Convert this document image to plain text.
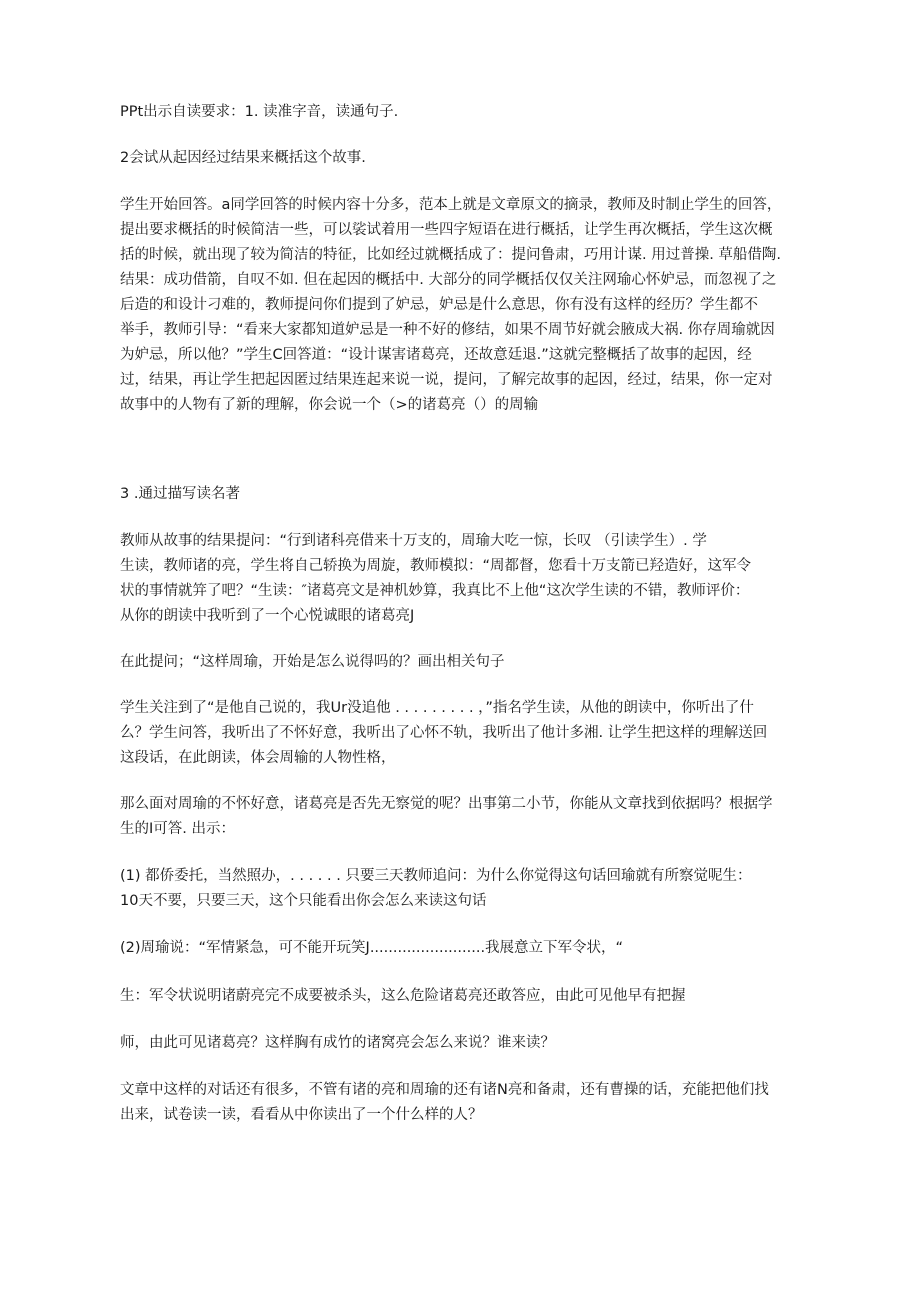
PPt出示自读要求：1. 读准字音，读通句子.
2会试从起因经过结果来概括这个故事.
学生开始回答。a同学回答的时候内容十分多，范本上就是文章原文的摘录，教师及时制止学生的回答，
提出要求概括的时候简洁一些，可以裟试着用一些四字短语在进行概括，让学生再次概括，学生这次概
括的时候，就出现了较为简洁的特征，比如经过就概括成了：提问鲁肃，巧用计谋. 用过普操. 草船借陶.
结果：成功借箭，自叹不如. 但在起因的概括中. 大部分的同学概括仅仅关注网瑜心怀妒忌，而忽视了之
后造的和设计刁难的，教师提问你们提到了妒忌，妒忌是什么意思，你有没有这样的经历？学生都不
举手，教师引导：“看来大家都知道妒忌是一种不好的修结，如果不周节好就会腋成大祸. 你存周瑜就因
为妒忌，所以他？”学生C回答道：“设计谋害诸葛亮，还故意廷退.”这就完整概括了故事的起因，经
过，结果，再让学生把起因匿过结果连起来说一说，提问，了解完故事的起因，经过，结果，你一定对
故事中的人物有了新的理解，你会说一个（>的诸葛亮（）的周输
3 .通过描写读名著
教师从故事的结果提问：“行到诸科亮借来十万支的，周瑜大吃一惊，长叹 （引读学生）. 学
生读，教师诸的亮，学生将自己轿换为周旋，教师模拟：“周都督，您看十万支箭已羟造好，这军令
状的事情就笄了吧？“生读：″诸葛亮文是神机妙算，我真比不上他“这次学生读的不错，教师评价：
从你的朗读中我听到了一个心悦诚眼的诸葛亮J
在此提问；“这样周瑜，开始是怎么说得吗的？画出相关句子
学生关注到了“是他自己说的，我Ur没追他 . . . . . . . . . ，”指名学生读，从他的朗读中，你听出了什
么？学生问答，我听出了不怀好意，我听出了心怀不轨，我听出了他计多湘. 让学生把这样的理解送回
这段话，在此朗读，体会周输的人物性格，
那么面对周瑜的不怀好意，诸葛亮是否先无察觉的呢？出事第二小节，你能从文章找到依据吗？根据学
生的I可答. 出示：
(1) 都侨委托，当然照办，. . . . . . 只要三天教师追问：为什么你觉得这句话回瑜就有所察觉呢生：
10天不要，只要三天，这个只能看出你会怎么来读这句话
(2)周瑜说：“军情紧急，可不能开玩笑J.........................我展意立下军令状，“
生：军令状说明诸蔚亮完不成要被杀头，这么危险诸葛亮还敢答应，由此可见他早有把握
师，由此可见诸葛亮？这样胸有成竹的诸窝亮会怎么来说？谁来读？
文章中这样的对话还有很多，不管有诸的亮和周瑜的还有诸N亮和备肃，还有曹操的话，充能把他们找
出来，试卷读一读，看看从中你读出了一个什么样的人？
